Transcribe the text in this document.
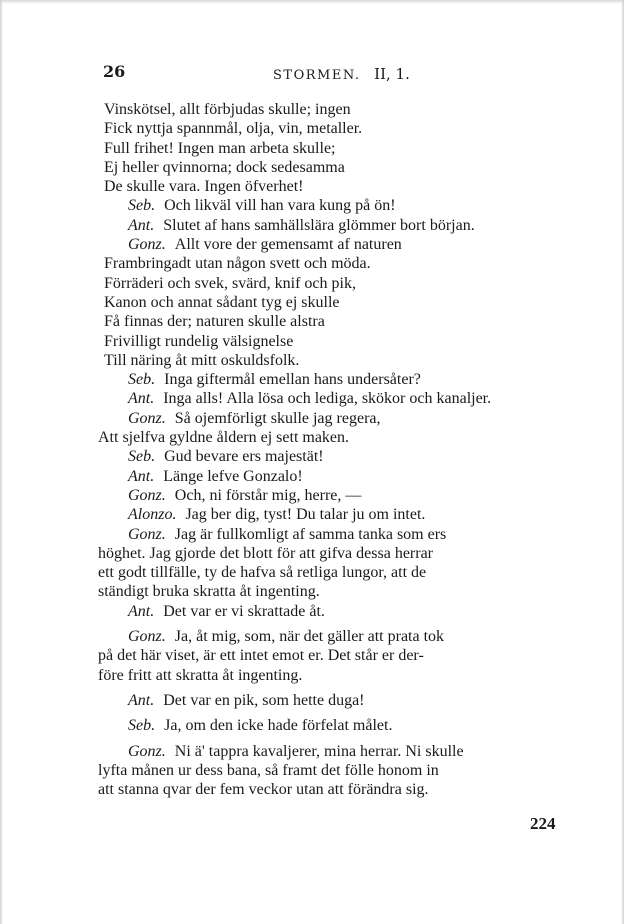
26	STORMEN. II, 1.
Vinskötsel, allt förbjudas skulle; ingen
Fick nyttja spannmål, olja, vin, metaller.
Full frihet! Ingen man arbeta skulle;
Ej heller qvinnorna; dock sedesamma
De skulle vara. Ingen öfverhet!
Seb. Och likväl vill han vara kung på ön!
Ant. Slutet af hans samhällslära glömmer bort början.
Gonz. Allt vore der gemensamt af naturen
Frambringadt utan någon svett och möda.
Förräderi och svek, svärd, knif och pik,
Kanon och annat sådant tyg ej skulle
Få finnas der; naturen skulle alstra
Frivilligt rundelig välsignelse
Till näring åt mitt oskuldsfolk.
Seb. Inga giftermål emellan hans undersåter?
Ant. Inga alls! Alla lösa och lediga, skökor och kanaljer.
Gonz. Så ojemförligt skulle jag regera,
Att sjelfva gyldne åldern ej sett maken.
Seb. Gud bevare ers majestät!
Ant. Länge lefve Gonzalo!
Gonz. Och, ni förstår mig, herre, —
Alonzo. Jag ber dig, tyst! Du talar ju om intet.
Gonz. Jag är fullkomligt af samma tanka som ers
höghet. Jag gjorde det blott för att gifva dessa herrar
ett godt tillfälle, ty de hafva så retliga lungor, att de
ständigt bruka skratta åt ingenting.
Ant. Det var er vi skrattade åt.
Gonz. Ja, åt mig, som, när det gäller att prata tok
på det här viset, är ett intet emot er. Det står er der-
före fritt att skratta åt ingenting.
Ant. Det var en pik, som hette duga!
Seb. Ja, om den icke hade förfelat målet.
Gonz. Ni ä' tappra kavaljerer, mina herrar. Ni skulle
lyfta månen ur dess bana, så framt det fölle honom in
att stanna qvar der fem veckor utan att förändra sig.
224
